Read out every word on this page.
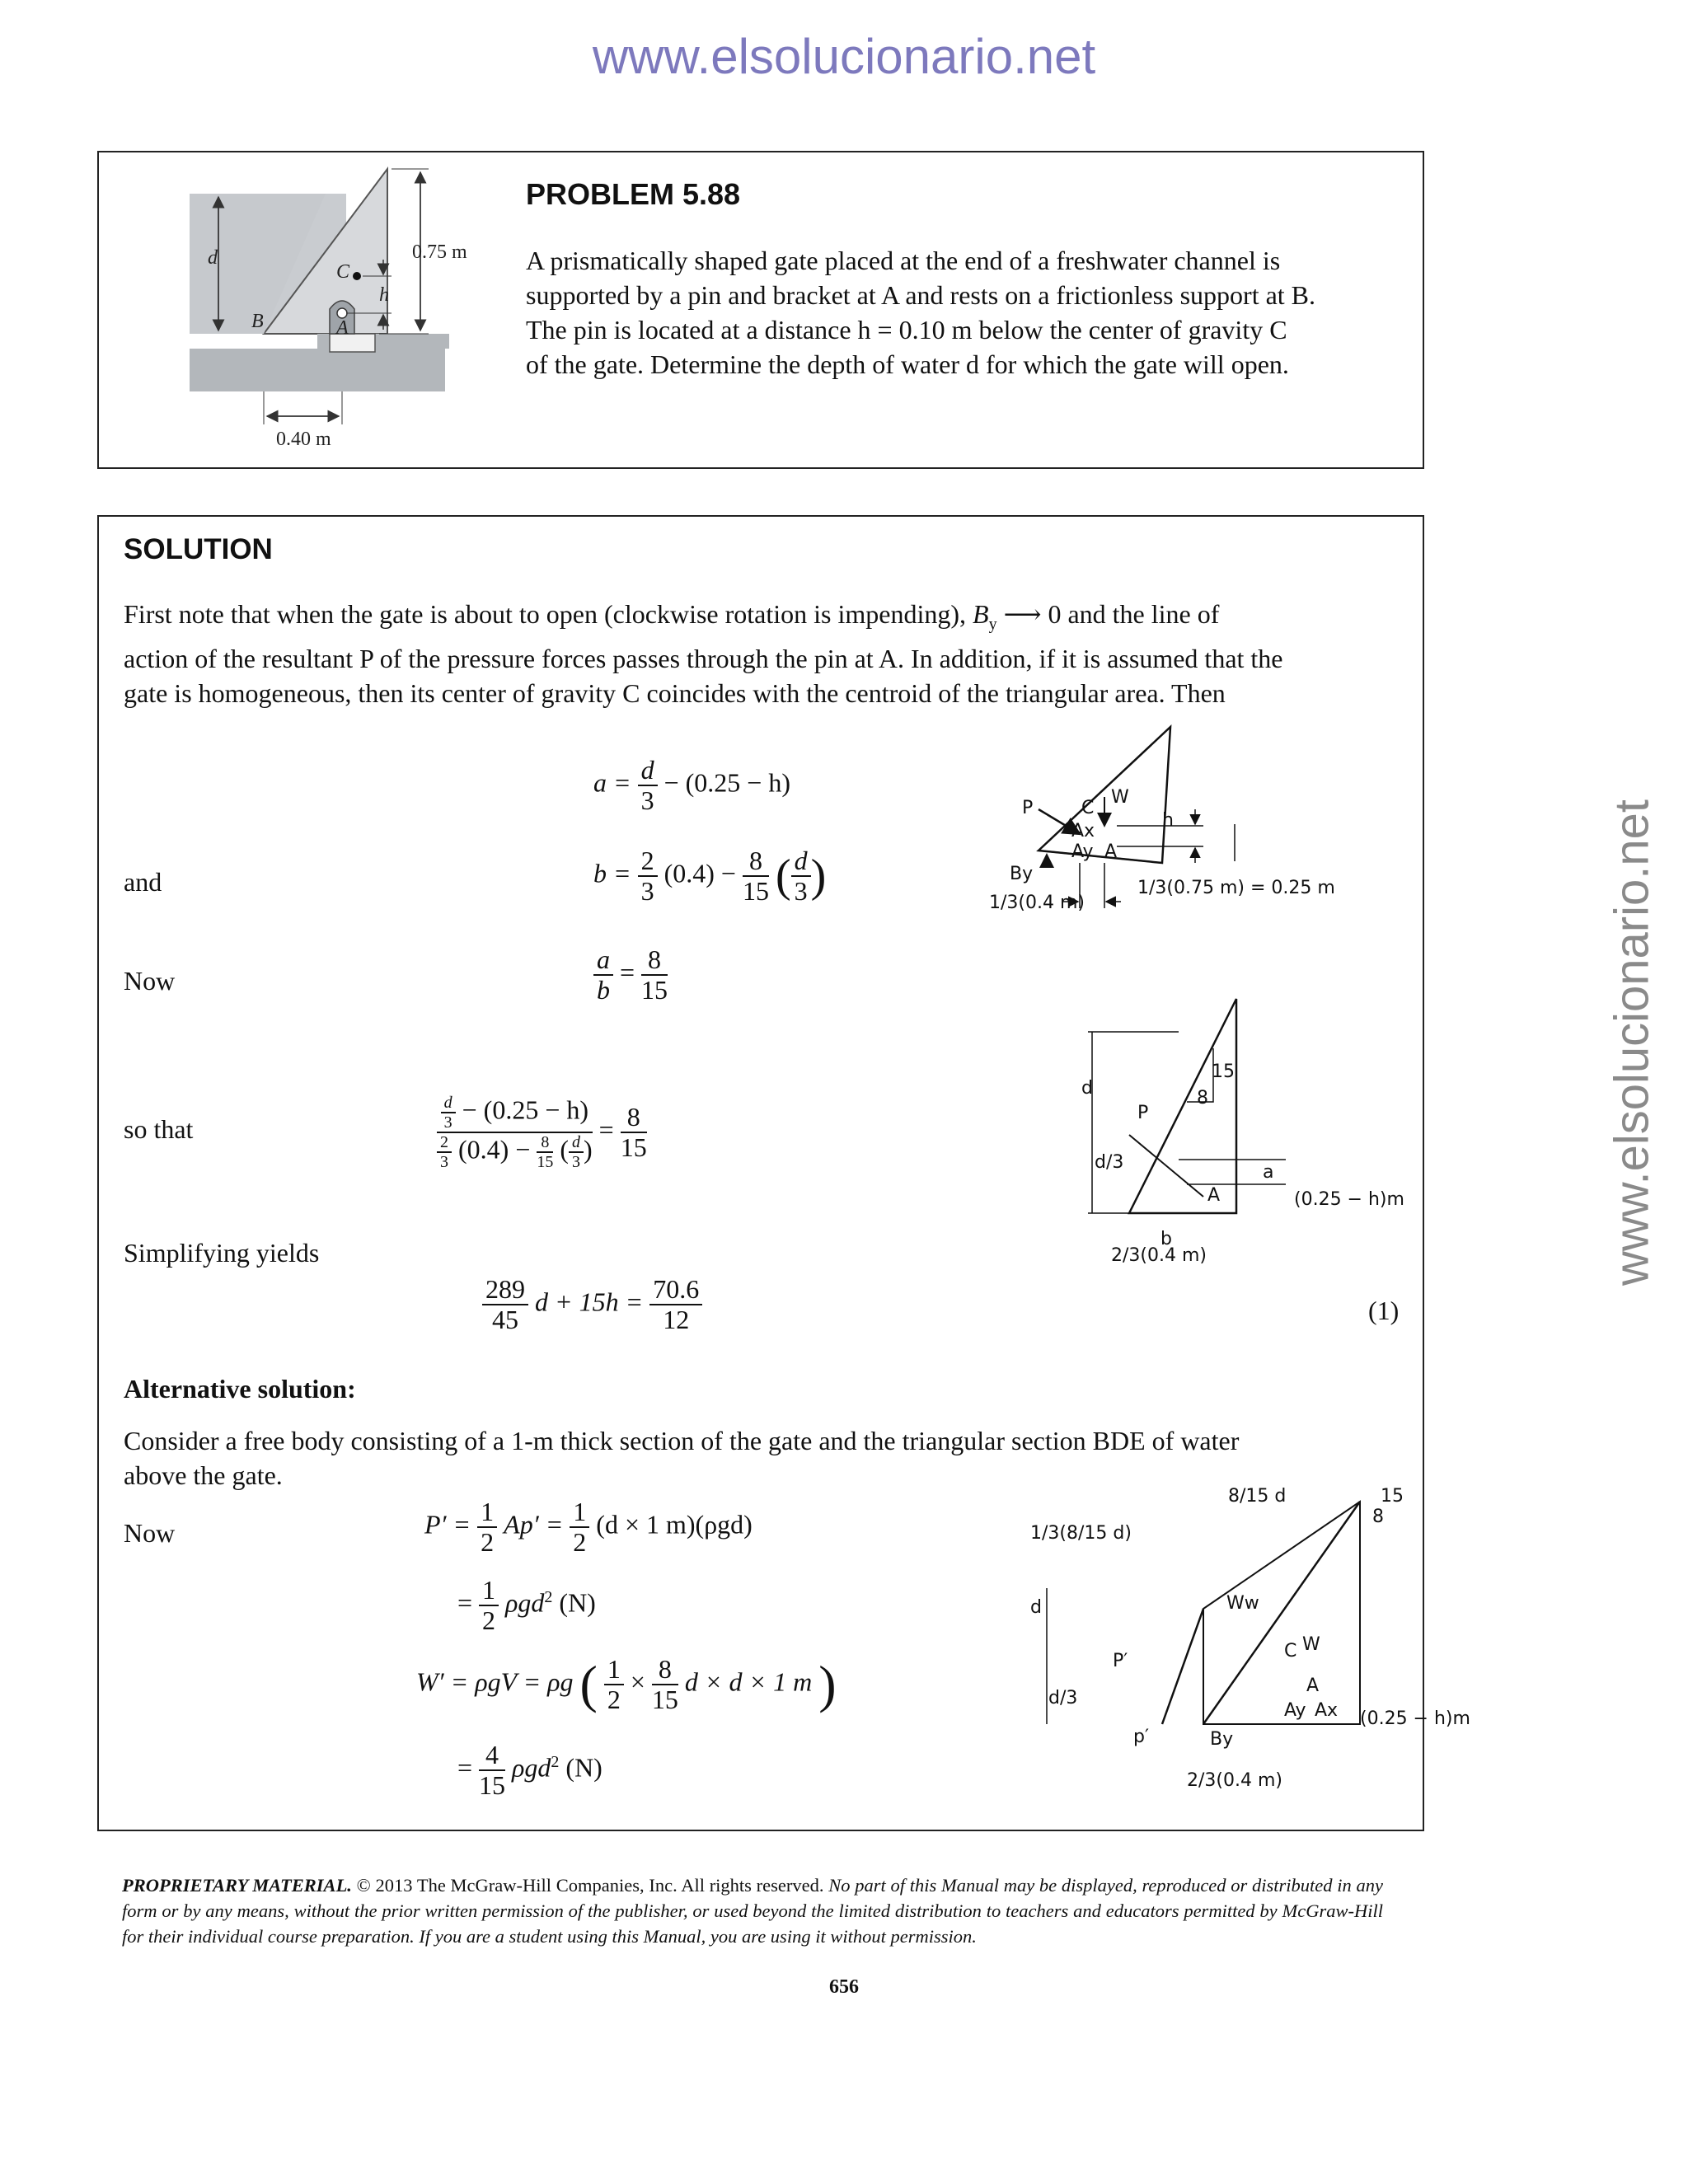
www.elsolucionario.net
www.elsolucionario.net
d	0.75 m
h
C
B	A
0.40 m
PROBLEM 5.88
A prismatically shaped gate placed at the end of a freshwater channel is
supported by a pin and bracket at A and rests on a frictionless support at B.
The pin is located at a distance h = 0.10 m below the center of gravity C
of the gate. Determine the depth of water d for which the gate will open.
SOLUTION
First note that when the gate is about to open (clockwise rotation is impending), $B_y$ ⟶ 0 and the line of
action of the resultant P of the pressure forces passes through the pin at A. In addition, if it is assumed that the
gate is homogeneous, then its center of gravity C coincides with the centroid of the triangular area. Then
$a = \frac{d}{3} - (0.25 - h)$
and	$b = \frac{2}{3} (0.4) - \frac{8}{15}$ ( $\frac{d}{3}$ )
Now	$\frac{a}{b} = \frac{8}{15}$
so that	$\frac{\frac{d}{3} - (0.25 - h)}{\frac{2}{3} (0.4) - \frac{8}{15} ( \frac{d}{3} )} = \frac{8}{15}$
Simplifying yields
$\frac{289}{45}$ $d + 15h = \frac{70.6}{12}$	(1)
Alternative solution:
Consider a free body consisting of a 1-m thick section of the gate and the triangular section BDE of water
above the gate.
Now	$P' = \frac{1}{2} Ap' = \frac{1}{2} (d \times 1$ m)(ρgd)
= $\frac{1}{2} \rho gd^2$ (N)
W′ = ρgV = ρg ( $\frac{1}{2} \times \frac{8}{15}$ d × d × 1 m )
= $\frac{4}{15} \rho gd^2$ (N)
P	C
W
Ax
Ay A
h
By
1/3(0.4 m)
1/3(0.75 m) = 0.25 m
d
15
8
P
a
A
d/3
b
(0.25 − h)m
2/3(0.4 m)
1/3(8/15 d)
8/15 d	15
8
d	Ww
C W
P′
A
Ay Ax
d/3
p′	By
(0.25 − h)m
2/3(0.4 m)
PROPRIETARY MATERIAL. © 2013 The McGraw-Hill Companies, Inc. All rights reserved. No part of this Manual may be displayed, reproduced or distributed in any form or by any means, without the prior written permission of the publisher, or used beyond the limited distribution to teachers and educators permitted by McGraw-Hill for their individual course preparation. If you are a student using this Manual, you are using it without permission.
656
